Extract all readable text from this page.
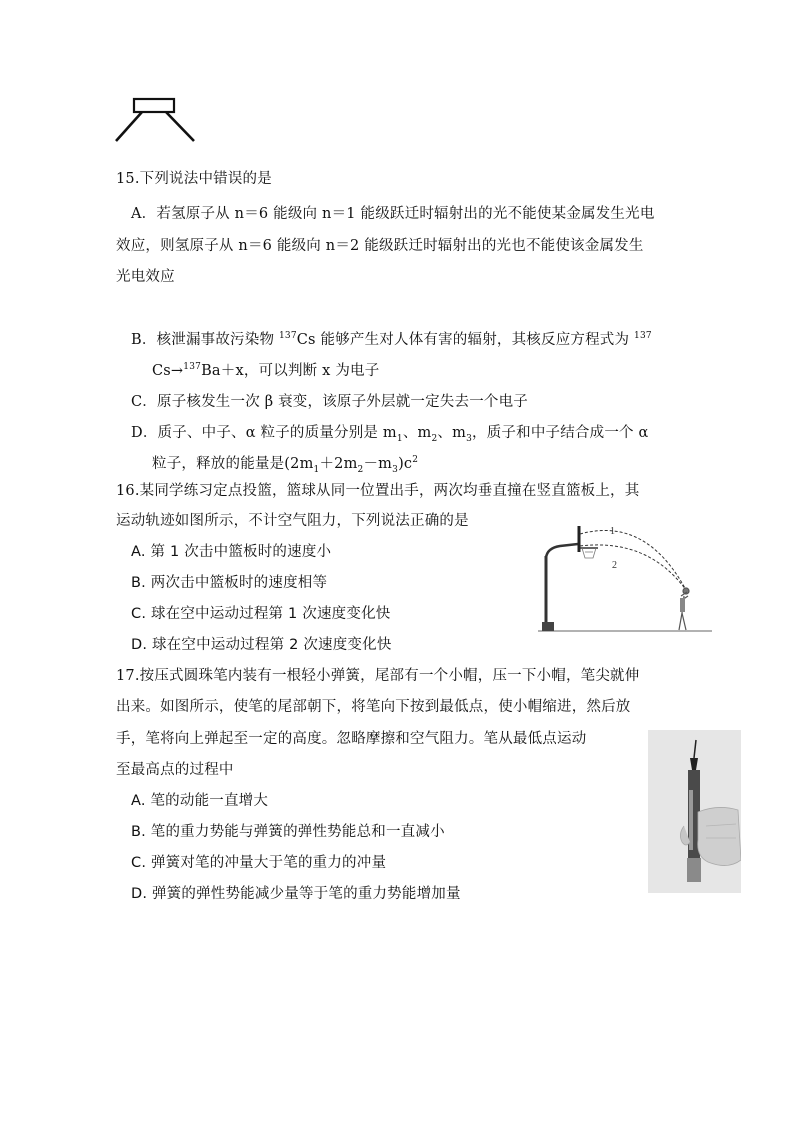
15.下列说法中错误的是
A．若氢原子从 n＝6 能级向 n＝1 能级跃迁时辐射出的光不能使某金属发生光电
效应，则氢原子从 n＝6 能级向 n＝2 能级跃迁时辐射出的光也不能使该金属发生
光电效应
B．核泄漏事故污染物 $^{137}$Cs 能够产生对人体有害的辐射，其核反应方程式为 $^{137}$
Cs→$^{137}$Ba＋x，可以判断 x 为电子
C．原子核发生一次 β 衰变，该原子外层就一定失去一个电子
D．质子、中子、α 粒子的质量分别是 $m_1$、$m_2$、$m_3$，质子和中子结合成一个 α
粒子，释放的能量是$(2m_1+2m_2-m_3)c^2$
16.某同学练习定点投篮，篮球从同一位置出手，两次均垂直撞在竖直篮板上，其
运动轨迹如图所示，不计空气阻力，下列说法正确的是
A. 第 1 次击中篮板时的速度小
B. 两次击中篮板时的速度相等
C. 球在空中运动过程第 1 次速度变化快
D. 球在空中运动过程第 2 次速度变化快
1
2
17.按压式圆珠笔内装有一根轻小弹簧，尾部有一个小帽，压一下小帽，笔尖就伸
出来。如图所示，使笔的尾部朝下，将笔向下按到最低点，使小帽缩进，然后放
手，笔将向上弹起至一定的高度。忽略摩擦和空气阻力。笔从最低点运动
至最高点的过程中
A. 笔的动能一直增大
B. 笔的重力势能与弹簧的弹性势能总和一直减小
C. 弹簧对笔的冲量大于笔的重力的冲量
D. 弹簧的弹性势能减少量等于笔的重力势能增加量
